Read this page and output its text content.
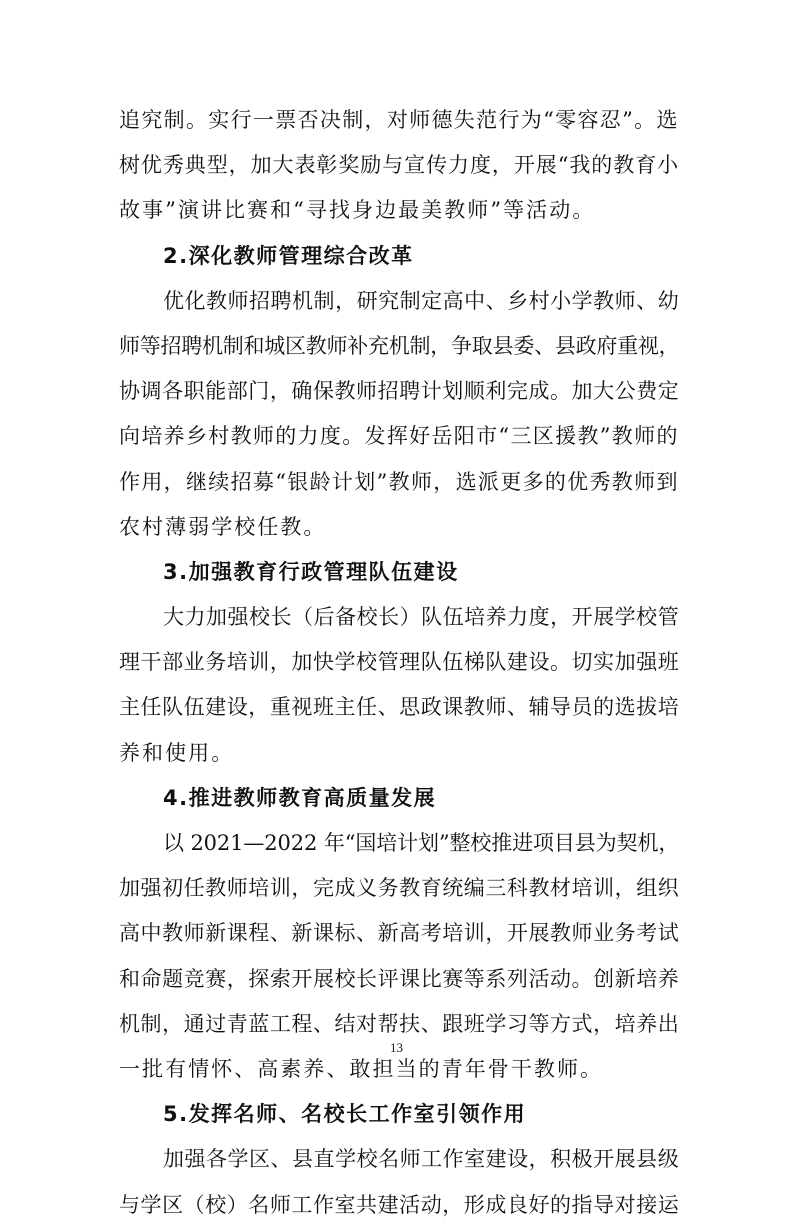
追究制。实行一票否决制，对师德失范行为“零容忍”。选
树优秀典型，加大表彰奖励与宣传力度，开展“我的教育小
故事”演讲比赛和“寻找身边最美教师”等活动。
2.深化教师管理综合改革
优化教师招聘机制，研究制定高中、乡村小学教师、幼
师等招聘机制和城区教师补充机制，争取县委、县政府重视，
协调各职能部门，确保教师招聘计划顺利完成。加大公费定
向培养乡村教师的力度。发挥好岳阳市“三区援教”教师的
作用，继续招募“银龄计划”教师，选派更多的优秀教师到
农村薄弱学校任教。
3.加强教育行政管理队伍建设
大力加强校长（后备校长）队伍培养力度，开展学校管
理干部业务培训，加快学校管理队伍梯队建设。切实加强班
主任队伍建设，重视班主任、思政课教师、辅导员的选拔培
养和使用。
4.推进教师教育高质量发展
以 2021—2022 年“国培计划”整校推进项目县为契机，
加强初任教师培训，完成义务教育统编三科教材培训，组织
高中教师新课程、新课标、新高考培训，开展教师业务考试
和命题竞赛，探索开展校长评课比赛等系列活动。创新培养
机制，通过青蓝工程、结对帮扶、跟班学习等方式，培养出
一批有情怀、高素养、敢担当的青年骨干教师。
5.发挥名师、名校长工作室引领作用
加强各学区、县直学校名师工作室建设，积极开展县级
与学区（校）名师工作室共建活动，形成良好的指导对接运
13
